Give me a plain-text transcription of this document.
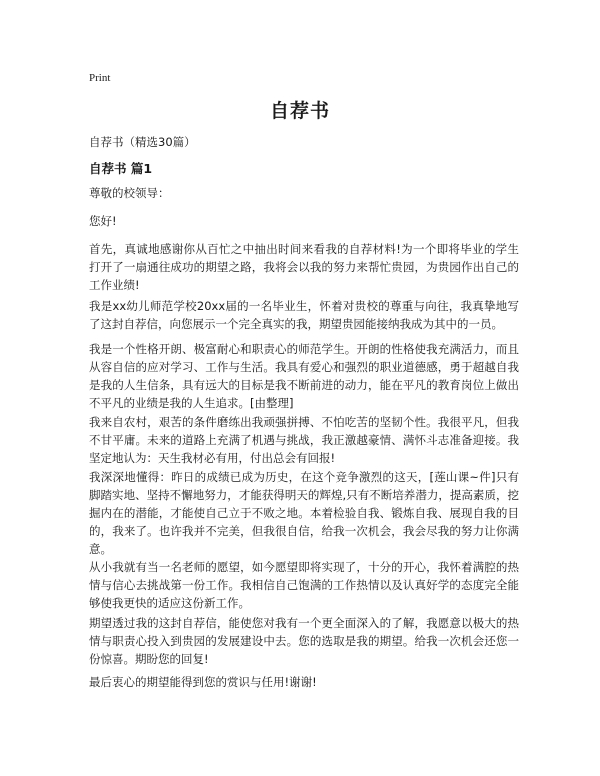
Print
自荐书
自荐书（精选30篇）
自荐书 篇1

尊敬的校领导：

您好!

首先，真诚地感谢你从百忙之中抽出时间来看我的自荐材料!为一个即将毕业的学生打开了一扇通往成功的期望之路，我将会以我的努力来帮忙贵园，为贵园作出自己的工作业绩!

我是xx幼儿师范学校20xx届的一名毕业生，怀着对贵校的尊重与向往，我真挚地写了这封自荐信，向您展示一个完全真实的我，期望贵园能接纳我成为其中的一员。

我是一个性格开朗、极富耐心和职责心的师范学生。开朗的性格使我充满活力，而且从容自信的应对学习、工作与生活。我具有爱心和强烈的职业道德感，勇于超越自我是我的人生信条，具有远大的目标是我不断前进的动力，能在平凡的教育岗位上做出不平凡的业绩是我的人生追求。[由整理]

我来自农村，艰苦的条件磨练出我顽强拼搏、不怕吃苦的坚韧个性。我很平凡，但我不甘平庸。未来的道路上充满了机遇与挑战，我正激越豪情、满怀斗志准备迎接。我坚定地认为：天生我材必有用，付出总会有回报!

我深深地懂得：昨日的成绩已成为历史，在这个竞争激烈的这天，[莲山课~件]只有脚踏实地、坚持不懈地努力，才能获得明天的辉煌,只有不断培养潜力，提高素质，挖掘内在的潜能，才能使自己立于不败之地。本着检验自我、锻炼自我、展现自我的目的，我来了。也许我并不完美，但我很自信，给我一次机会，我会尽我的努力让你满意。

从小我就有当一名老师的愿望，如今愿望即将实现了，十分的开心，我怀着满腔的热情与信心去挑战第一份工作。我相信自己饱满的工作热情以及认真好学的态度完全能够使我更快的适应这份新工作。

期望透过我的这封自荐信，能使您对我有一个更全面深入的了解，我愿意以极大的热情与职责心投入到贵园的发展建设中去。您的选取是我的期望。给我一次机会还您一份惊喜。期盼您的回复!

最后衷心的期望能得到您的赏识与任用!谢谢!
